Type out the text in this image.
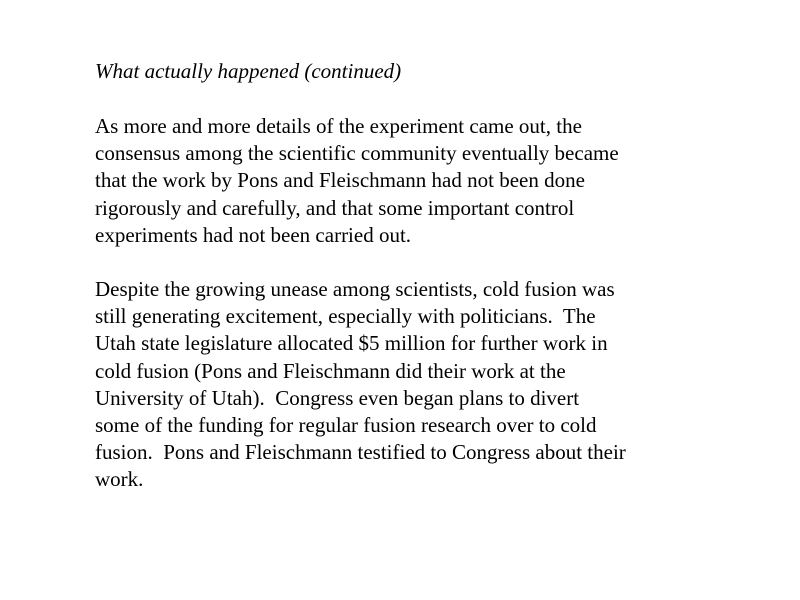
What actually happened (continued)
As more and more details of the experiment came out, the
consensus among the scientific community eventually became
that the work by Pons and Fleischmann had not been done
rigorously and carefully, and that some important control
experiments had not been carried out.
Despite the growing unease among scientists, cold fusion was
still generating excitement, especially with politicians.  The
Utah state legislature allocated $5 million for further work in
cold fusion (Pons and Fleischmann did their work at the
University of Utah).  Congress even began plans to divert
some of the funding for regular fusion research over to cold
fusion.  Pons and Fleischmann testified to Congress about their
work.
